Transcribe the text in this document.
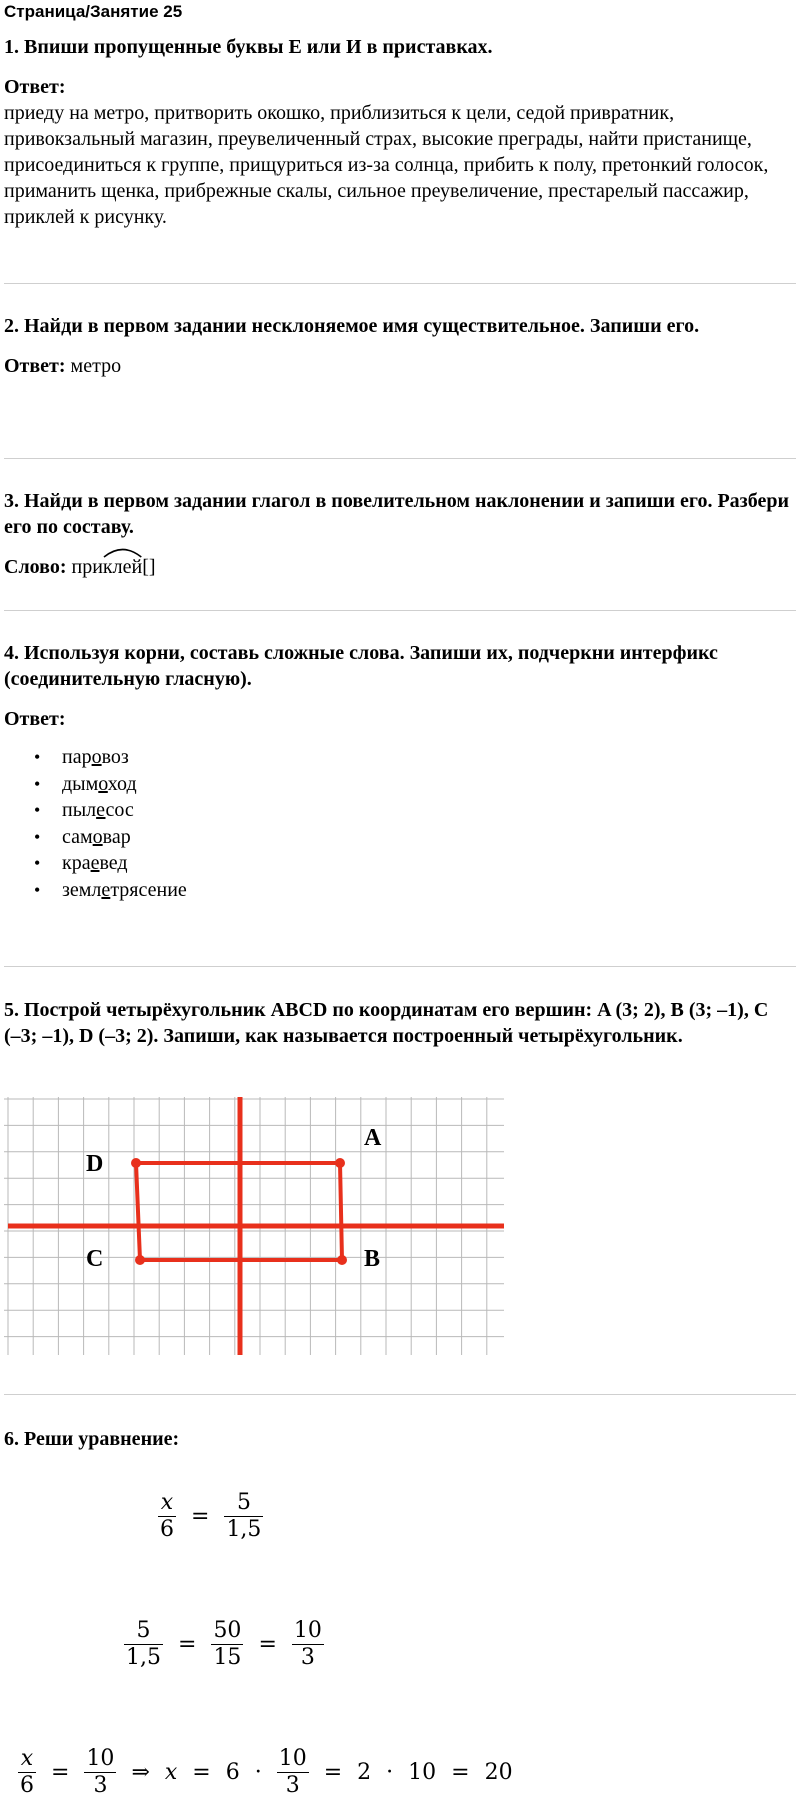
Страница/Занятие 25
1. Впиши пропущенные буквы Е или И в приставках.
Ответ:
приеду на метро, притворить окошко, приблизиться к цели, седой привратник, привокзальный магазин, преувеличенный страх, высокие преграды, найти пристанище, присоединиться к группе, прищуриться из-за солнца, прибить к полу, претонкий голосок, приманить щенка, прибрежные скалы, сильное преувеличение, престарелый пассажир, приклей к рисунку.
2. Найди в первом задании несклоняемое имя существительное. Запиши его.
Ответ: метро
3. Найди в первом задании глагол в повелительном наклонении и запиши его. Разбери его по составу.
Слово: при
клей[]
4. Используя корни, составь сложные слова. Запиши их, подчеркни интерфикс (соединительную гласную).
Ответ:
• паровоз
• дымоход
• пылесос
• самовар
• краевед
• землетрясение
5. Построй четырёхугольник ABCD по координатам его вершин: A (3; 2), B (3; –1), C (–3; –1), D (–3; 2). Запиши, как называется построенный четырёхугольник.
A
B
C
D
6. Реши уравнение:
$\frac{x}{6} = \frac{5}{1,5}$
$\frac{5}{1,5} = \frac{50}{15} = \frac{10}{3}$
$\frac{x}{6} = \frac{10}{3}$ ⇒ $x = 6 \cdot \frac{10}{3} = 2 \cdot 10 = 20$
